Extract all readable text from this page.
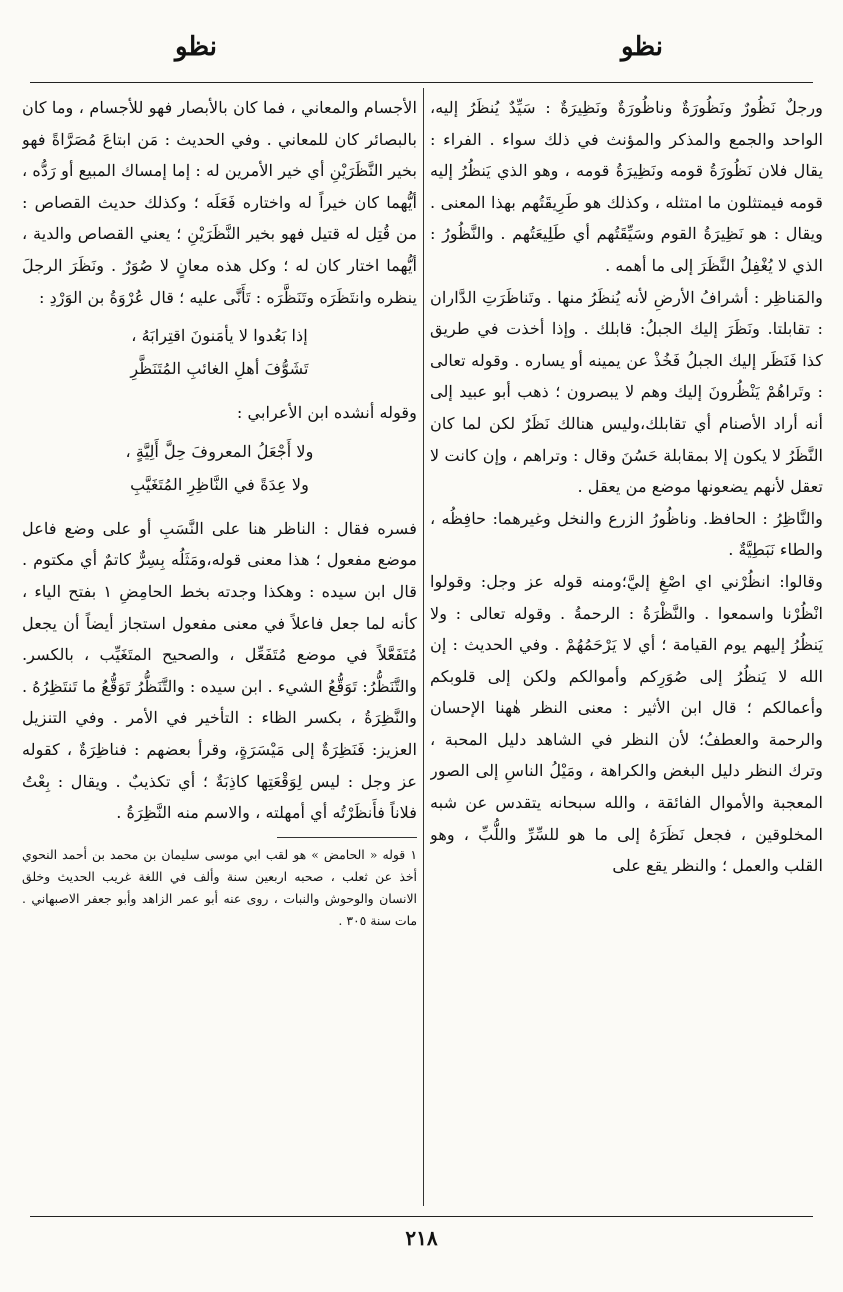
نظو
نظو

ورجلٌ نَظُورٌ ونَظُورَةٌ وناظُورَةٌ ونَظِيرَةٌ : سَيِّدٌ يُنظَرُ إليه، الواحد والجمع والمذكر والمؤنث في ذلك سواء . الفراء : يقال فلان نَظُورَةُ قومه ونَظِيرَةُ قومه ، وهو الذي يَنظُرُ إليه قومه فيمتثلون ما امتثله ، وكذلك هو طَرِيقَتُهم بهذا المعنى . ويقال : هو نَظِيرَةُ القوم وسَيِّقَتُهم أي طَلِيعَتُهم . والنَّظُورُ : الذي لا يُغْفِلُ النَّظَرَ إلى ما أهمه .

والمَناظِر : أشرافُ الأرضِ لأنه يُنظَرُ منها . وتَناظَرَتِ الدَّاران : تقابلتا. ونَظَرَ إليك الجبلُ: قابلك . وإذا أخذت في طريق كذا فَنَظَر إليك الجبلُ فَخُذْ عن يمينه أو يساره . وقوله تعالى : وتَراهُمْ يَنْظُرونَ إليك وهم لا يبصرون ؛ ذهب أبو عبيد إلى أنه أراد الأصنام أي تقابلك،وليس هنالك نَظَرٌ لكن لما كان النَّظَرُ لا يكون إلا بمقابلة حَسُنَ وقال : وتراهم ، وإن كانت لا تعقل لأنهم يضعونها موضع من يعقل .

والنَّاظِرُ : الحافظ. وناظُورُ الزرع والنخل وغيرهما: حافِظُه ، والطاء نَبَطِيَّةٌ .

وقالوا: انظُرْني اي اصْغِ إليَّ؛ومنه قوله عز وجل: وقولوا انْظُرْنا واسمعوا . والنَّظْرَةُ : الرحمةُ . وقوله تعالى : ولا يَنظُرُ إليهم يوم القيامة ؛ أي لا يَرْحَمُهُمْ . وفي الحديث : إن الله لا يَنظُرُ إلى صُوَرِكم وأموالكم ولكن إلى قلوبكم وأعمالكم ؛ قال ابن الأثير : معنى النظر هٰهنا الإحسان والرحمة والعطفُ؛ لأن النظر في الشاهد دليل المحبة ، وترك النظر دليل البغض والكراهة ، ومَيْلُ الناسِ إلى الصور المعجبة والأموال الفائقة ، والله سبحانه يتقدس عن شبه المخلوقين ، فجعل نَظَرَهُ إلى ما هو للسِّرِّ واللُّبِّ ، وهو القلب والعمل ؛ والنظر يقع على

الأجسام والمعاني ، فما كان بالأبصار فهو للأجسام ، وما كان بالبصائر كان للمعاني . وفي الحديث : مَن ابتاعَ مُصَرَّاةً فهو بخير النَّظَرَيْنِ أي خير الأمرين له : إما إمساك المبيع أو رَدُّه ، أيُّهما كان خيراً له واختاره فَعَلَه ؛ وكذلك حديث القصاص : من قُتِل له قتيل فهو بخير النَّظَرَيْنِ ؛ يعني القصاص والدية ، أيُّهما اختار كان له ؛ وكل هذه معانٍ لا صُوَرٌ . ونَظَرَ الرجلَ ينظره وانتَظَرَه وتَنَظَّرَه : تَأَنَّى عليه ؛ قال عُرْوَةُ بن الوَرْدِ :

إذا بَعُدوا لا يأمَنونَ اقتِرابَهُ ،
تَشَوُّفَ أهلِ الغائبِ المُتَنَظَّرِ

وقوله أنشده ابن الأعرابي :

ولا أَجْعَلُ المعروفَ حِلَّ أَلِيَّةٍ ،
ولا عِدَةً في النَّاظِرِ المُتَغَيَّبِ

فسره فقال : الناظر هنا على النَّسَبِ أو على وضع فاعل موضع مفعول ؛ هذا معنى قوله،ومَثَلُه بِسِرٌّ كاتمٌ أي مكتوم . قال ابن سيده : وهكذا وجدته بخط الحامِضِ ١ بفتح الياء ، كأنه لما جعل فاعلاً في معنى مفعول استجاز أيضاً أن يجعل مُتَفَعَّلاً في موضع مُتَفَعِّل ، والصحيح المتَغَيِّب ، بالكسر. والتَّنَظُّرُ: تَوَقُّعُ الشيء . ابن سيده : والتَّنَظُّرُ تَوَقُّعُ ما تَنتَظِرُهُ . والنَّظِرَةُ ، بكسر الظاء : التأخير في الأمر . وفي التنزيل العزيز: فَنَظِرَةٌ إلى مَيْسَرَةٍ، وقرأ بعضهم : فناظِرَةٌ ، كقوله عز وجل : ليس لِوَقْعَتِها كاذِبَةٌ ؛ أي تكذيبٌ . ويقال : بِعْتُ فلاناً فأَنظَرْتُه أي أمهلته ، والاسم منه النَّظِرَةُ .

١ قوله « الحامض » هو لقب ابي موسى سليمان بن محمد بن أحمد النحوي أخذ عن ثعلب ، صحبه اربعين سنة وألف في اللغة غريب الحديث وخلق الانسان والوحوش والنبات ، روى عنه أبو عمر الزاهد وأبو جعفر الاصبهاني . مات سنة ٣٠٥ .
٢١٨
